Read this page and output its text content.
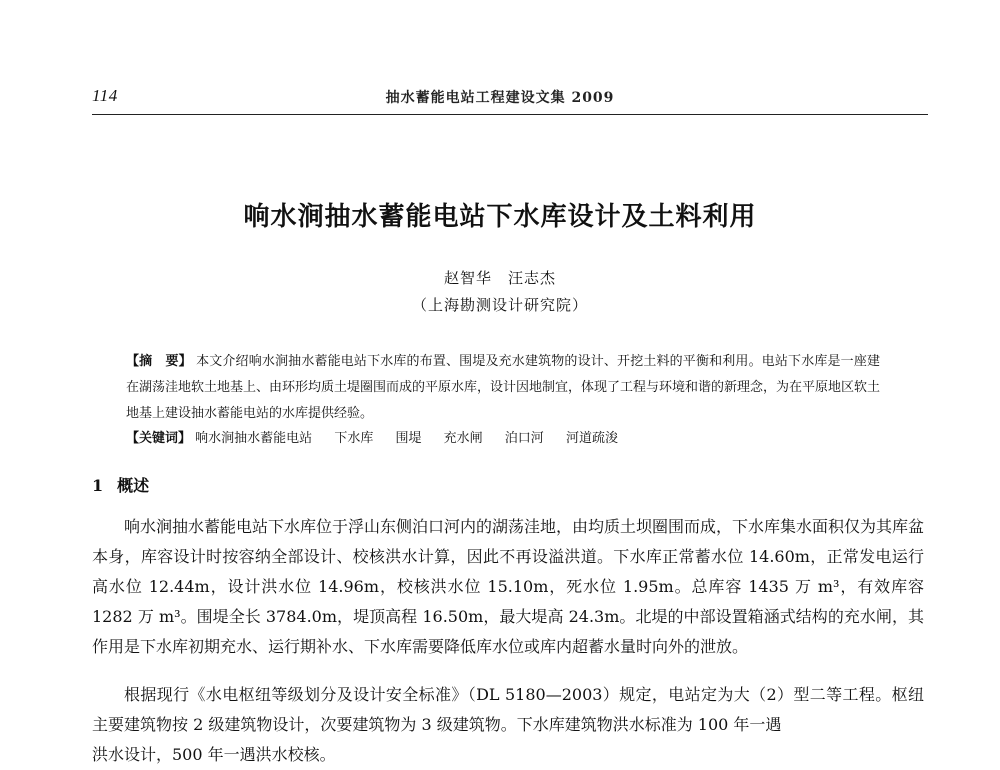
114	抽水蓄能电站工程建设文集 2009
响水涧抽水蓄能电站下水库设计及土料利用
赵智华　汪志杰
（上海勘测设计研究院）
【摘　要】 本文介绍响水涧抽水蓄能电站下水库的布置、围堤及充水建筑物的设计、开挖土料的平衡和利用。电站下水库是一座建在湖荡洼地软土地基上、由环形均质土堤圈围而成的平原水库，设计因地制宜，体现了工程与环境和谐的新理念，为在平原地区软土地基上建设抽水蓄能电站的水库提供经验。
【关键词】 响水涧抽水蓄能电站 下水库 围堤 充水闸 泊口河 河道疏浚
1 概述

响水涧抽水蓄能电站下水库位于浮山东侧泊口河内的湖荡洼地，由均质土坝圈围而成，下水库集水面积仅为其库盆本身，库容设计时按容纳全部设计、校核洪水计算，因此不再设溢洪道。下水库正常蓄水位 14.60m，正常发电运行高水位 12.44m，设计洪水位 14.96m，校核洪水位 15.10m，死水位 1.95m。总库容 1435 万 m³，有效库容 1282 万 m³。围堤全长 3784.0m，堤顶高程 16.50m，最大堤高 24.3m。北堤的中部设置箱涵式结构的充水闸，其作用是下水库初期充水、运行期补水、下水库需要降低库水位或库内超蓄水量时向外的泄放。

根据现行《水电枢纽等级划分及设计安全标准》（DL 5180—2003）规定，电站定为大（2）型二等工程。枢纽主要建筑物按 2 级建筑物设计，次要建筑物为 3 级建筑物。下水库建筑物洪水标准为 100 年一遇

洪水设计，500 年一遇洪水校核。
